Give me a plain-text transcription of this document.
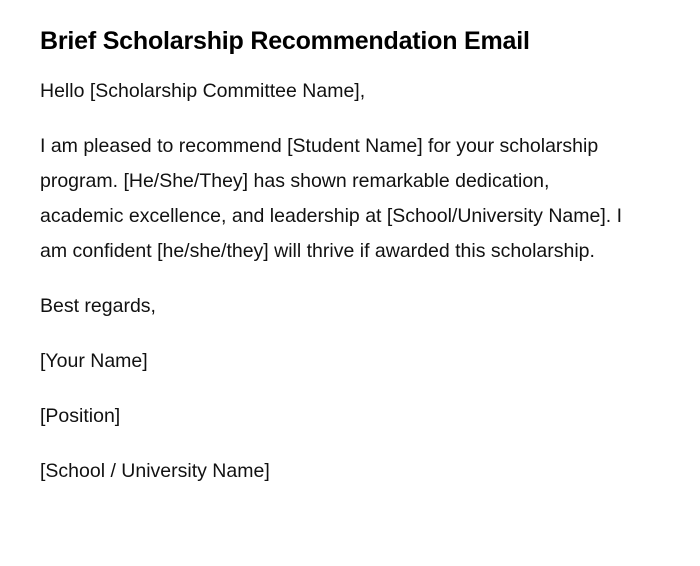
Brief Scholarship Recommendation Email

Hello [Scholarship Committee Name],

I am pleased to recommend [Student Name] for your scholarship program. [He/She/They] has shown remarkable dedication, academic excellence, and leadership at [School/University Name]. I am confident [he/she/they] will thrive if awarded this scholarship.

Best regards,

[Your Name]

[Position]

[School / University Name]
